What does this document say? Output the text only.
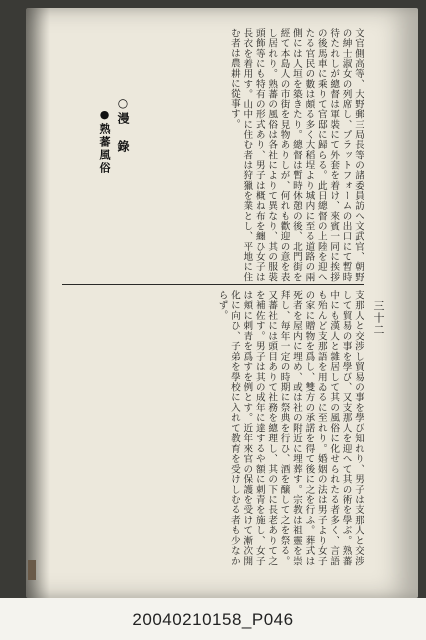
三十二
文官側高等、大野郵三局長等の諸委員訪へ文武官、朝野の紳士淑女の列席し、プラットフォームの出口にて暫時待たれしが總督は軍裝にて外套を着け、來賓一同に挨拶の後馬車に乘りて官邸に歸らる。此日總督の上陸を迎へたる官民の數は頗る多く大稻埕より城内に至る道路の兩側には人垣を築きたり。總督は暫時休憩の後、北門街を經て本島人の市街を見物ありしが、何れも歡迎の意を表し居れり。熟蕃の風俗は各社によりて異なり、其の服裝頭飾等にも特有の形式あり、男子は概ね布を纏ひ女子は長衣を着用す。山中に住む者は狩獵を業とし、平地に住む者は農耕に從事す。
○漫　錄
●熟蕃風俗
支那人と交渉し貿易の事を學び知れり、男子は支那人と交渉して貿易の事を學び、又支那人を迎へて其の術を學ぶ。熟蕃中にも漢人と雜居して其の風俗に化せられたる者多く、言語も殆んど支那語を用ゐるに至れり。婚姻の法は男子より女子の家に贈物を爲し、雙方の承諾を得て後に之を行ふ。葬式は死者を屋内に埋め、或は社の附近に埋葬す。宗教は祖靈を崇拜し、毎年一定の時期に祭典を行ひ、酒を醸して之を祭る。又蕃社には頭目ありて社務を總理し、其の下に長老ありて之を補佐す。男子は其の成年に達するや額に刺青を施し、女子は頬に刺青を爲すを例とす。近年來官の保護を受けて漸次開化に向ひ、子弟を學校に入れて教育を受けしむる者も少なからず。
20040210158_P046
